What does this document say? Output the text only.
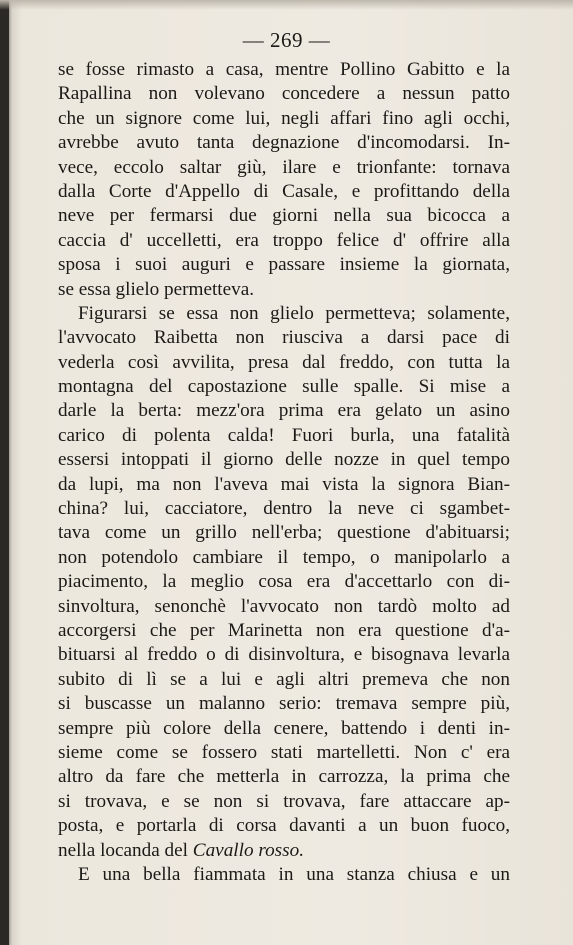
— 269 —
se fosse rimasto a casa, mentre Pollino Gabitto e la
Rapallina non volevano concedere a nessun patto
che un signore come lui, negli affari fino agli occhi,
avrebbe avuto tanta degnazione d'incomodarsi. In-
vece, eccolo saltar giù, ilare e trionfante: tornava
dalla Corte d'Appello di Casale, e profittando della
neve per fermarsi due giorni nella sua bicocca a
caccia d' uccelletti, era troppo felice d' offrire alla
sposa i suoi auguri e passare insieme la giornata,
se essa glielo permetteva.
Figurarsi se essa non glielo permetteva; solamente,
l'avvocato Raibetta non riusciva a darsi pace di
vederla così avvilita, presa dal freddo, con tutta la
montagna del capostazione sulle spalle. Si mise a
darle la berta: mezz'ora prima era gelato un asino
carico di polenta calda! Fuori burla, una fatalità
essersi intoppati il giorno delle nozze in quel tempo
da lupi, ma non l'aveva mai vista la signora Bian-
china? lui, cacciatore, dentro la neve ci sgambet-
tava come un grillo nell'erba; questione d'abituarsi;
non potendolo cambiare il tempo, o manipolarlo a
piacimento, la meglio cosa era d'accettarlo con di-
sinvoltura, senonchè l'avvocato non tardò molto ad
accorgersi che per Marinetta non era questione d'a-
bituarsi al freddo o di disinvoltura, e bisognava levarla
subito di lì se a lui e agli altri premeva che non
si buscasse un malanno serio: tremava sempre più,
sempre più colore della cenere, battendo i denti in-
sieme come se fossero stati martelletti. Non c' era
altro da fare che metterla in carrozza, la prima che
si trovava, e se non si trovava, fare attaccare ap-
posta, e portarla di corsa davanti a un buon fuoco,
nella locanda del Cavallo rosso.
E una bella fiammata in una stanza chiusa e un
